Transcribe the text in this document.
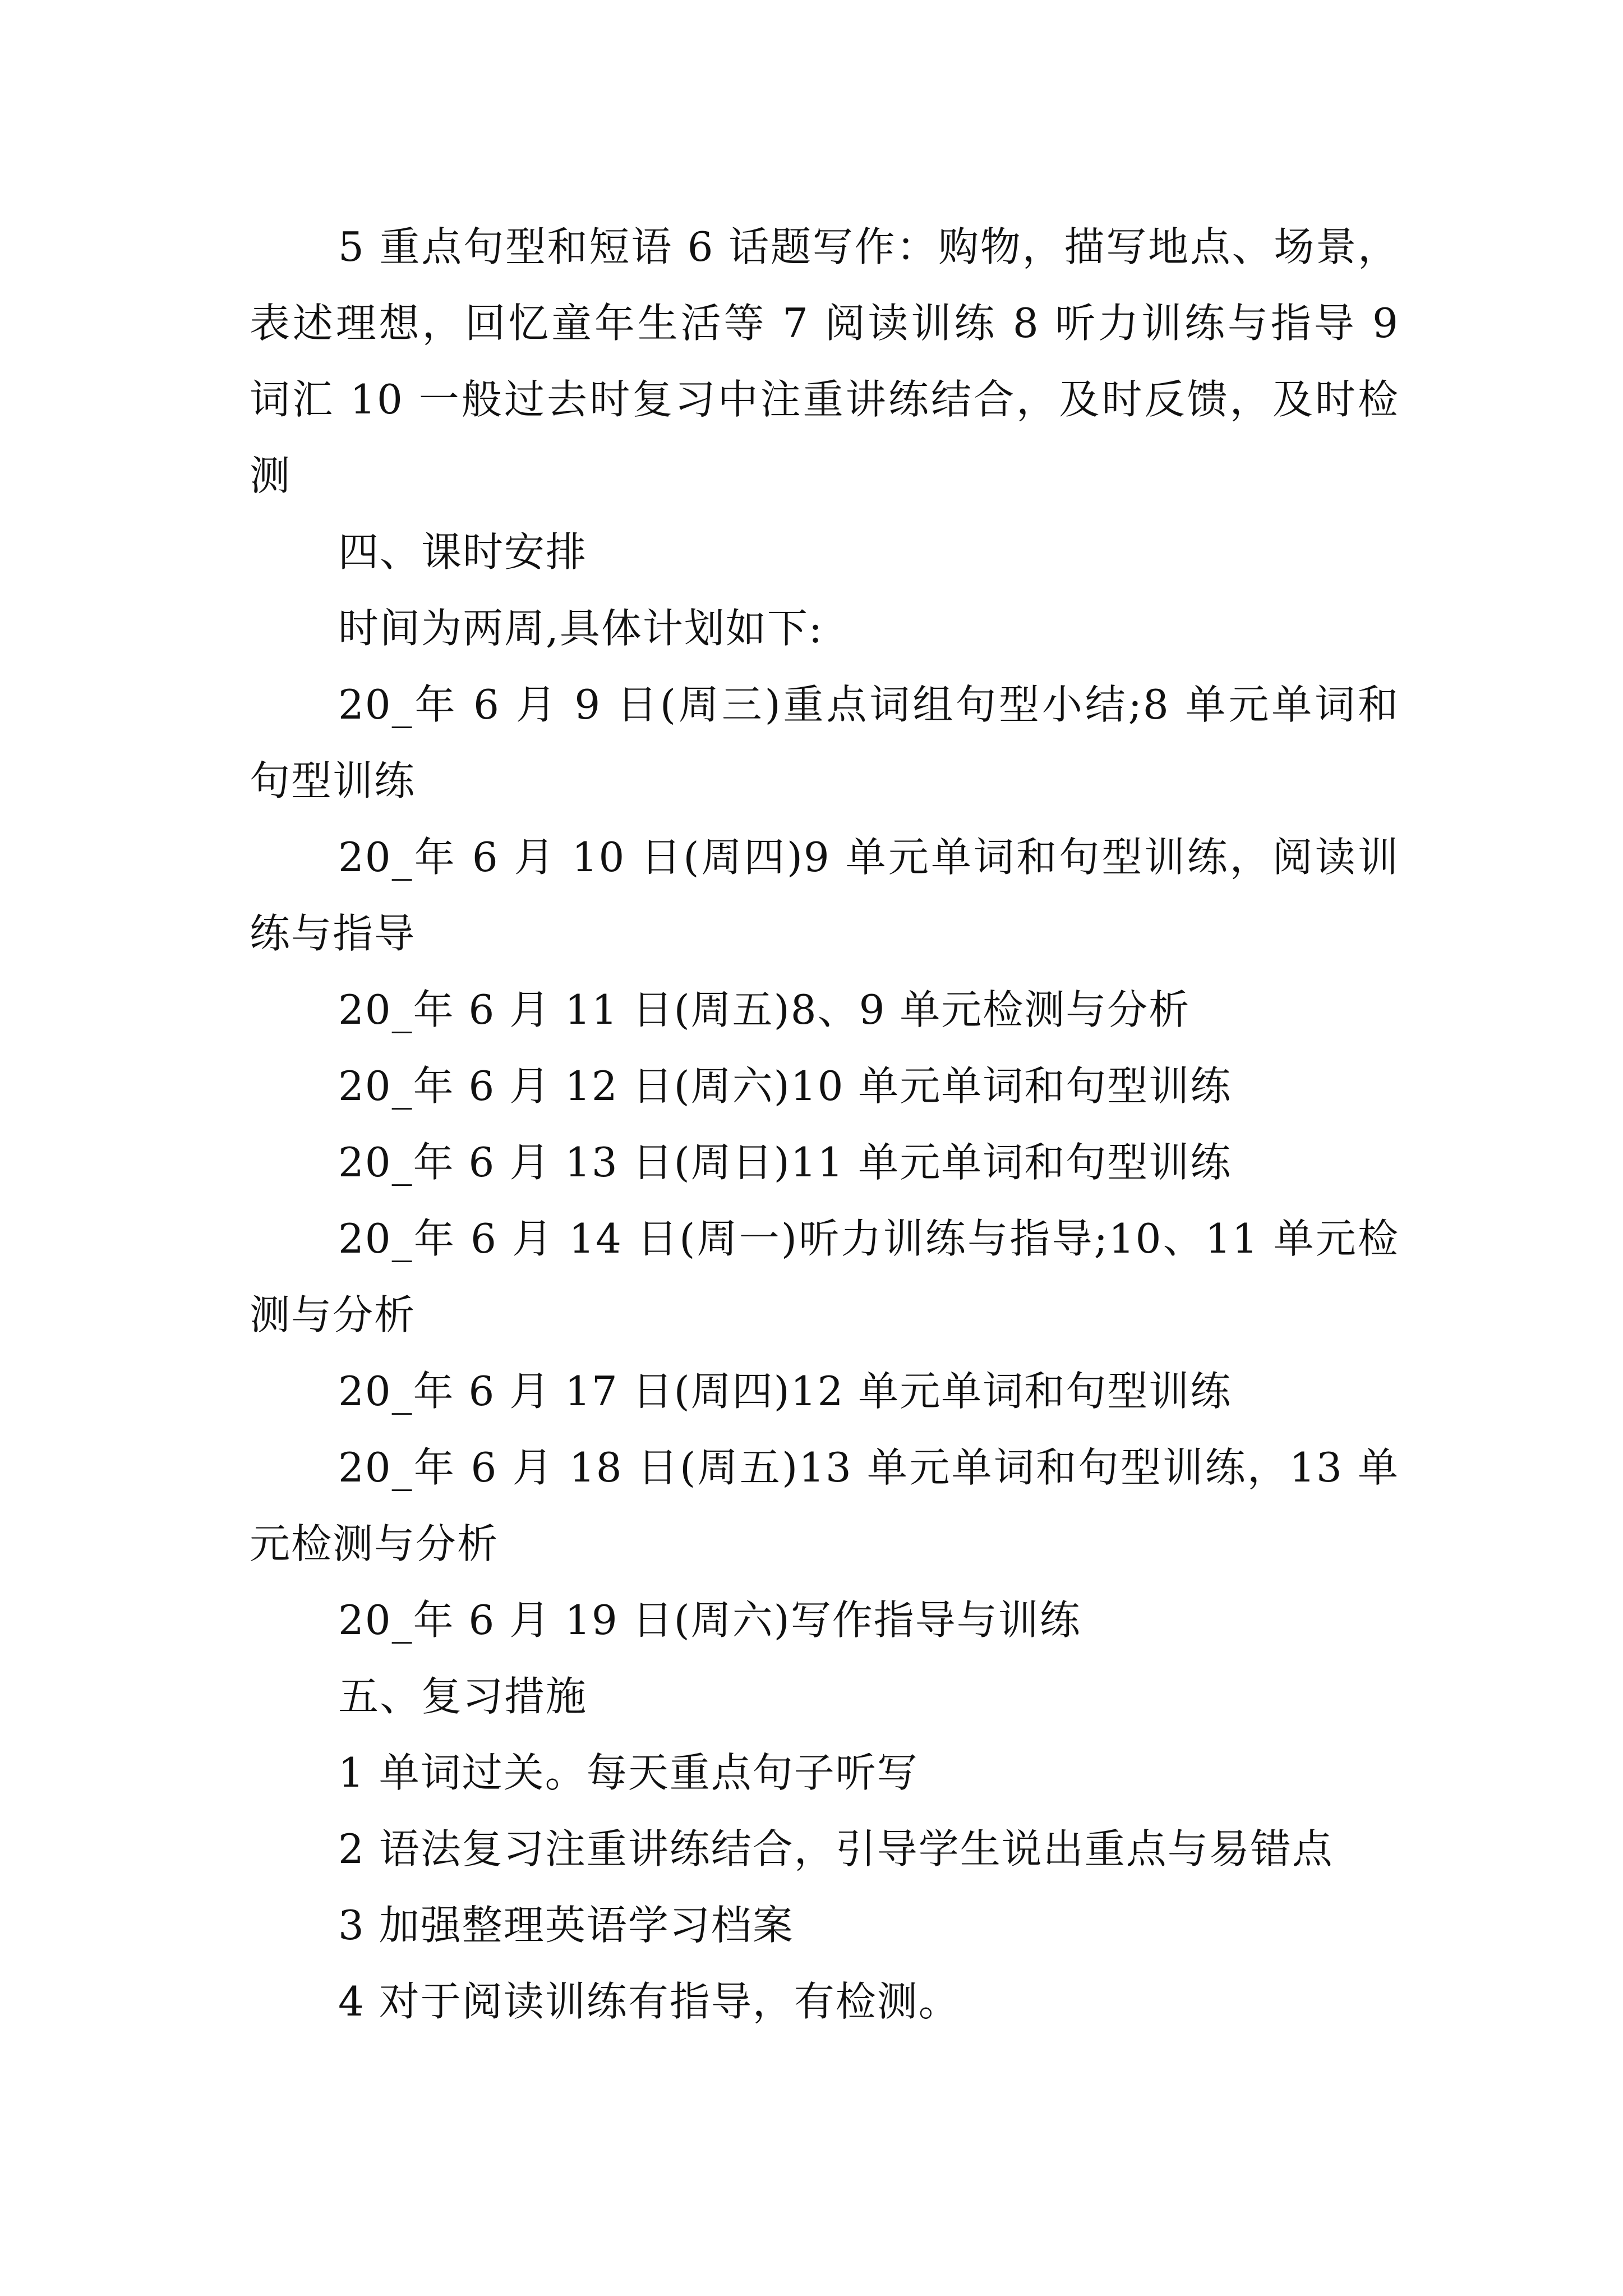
5 重点句型和短语 6 话题写作：购物，描写地点、场景，表述理想，回忆童年生活等 7 阅读训练 8 听力训练与指导 9 词汇 10 一般过去时复习中注重讲练结合，及时反馈，及时检测

四、课时安排

时间为两周,具体计划如下:

20_年 6 月 9 日(周三)重点词组句型小结;8 单元单词和句型训练

20_年 6 月 10 日(周四)9 单元单词和句型训练，阅读训练与指导

20_年 6 月 11 日(周五)8、9 单元检测与分析

20_年 6 月 12 日(周六)10 单元单词和句型训练

20_年 6 月 13 日(周日)11 单元单词和句型训练

20_年 6 月 14 日(周一)听力训练与指导;10、11 单元检测与分析

20_年 6 月 17 日(周四)12 单元单词和句型训练

20_年 6 月 18 日(周五)13 单元单词和句型训练，13 单元检测与分析

20_年 6 月 19 日(周六)写作指导与训练

五、复习措施

1 单词过关。每天重点句子听写

2 语法复习注重讲练结合，引导学生说出重点与易错点

3 加强整理英语学习档案

4 对于阅读训练有指导，有检测。
